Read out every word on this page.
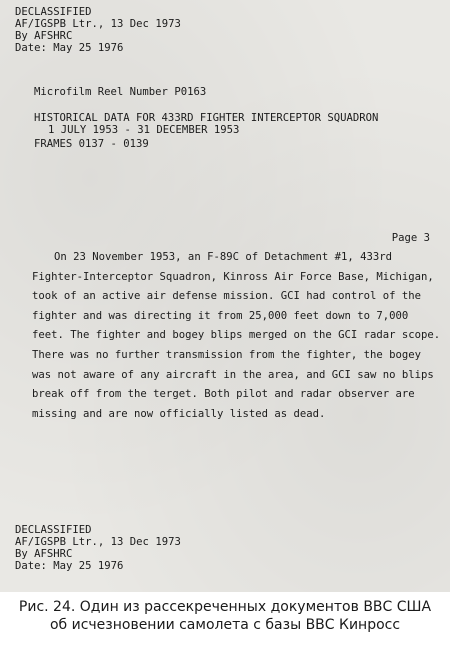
DECLASSIFIED
AF/IGSPB Ltr., 13 Dec 1973
By AFSHRC
Date: May 25 1976
Microfilm Reel Number P0163
HISTORICAL DATA FOR 433RD FIGHTER INTERCEPTOR SQUADRON
1 JULY 1953 - 31 DECEMBER 1953
FRAMES 0137 - 0139
Page 3

On 23 November 1953, an F-89C of Detachment #1, 433rd Fighter-Interceptor Squadron, Kinross Air Force Base, Michigan, took of an active air defense mission. GCI had control of the fighter and was directing it from 25,000 feet down to 7,000 feet. The fighter and bogey blips merged on the GCI radar scope. There was no further transmission from the fighter, the bogey was not aware of any aircraft in the area, and GCI saw no blips break off from the terget. Both pilot and radar observer are missing and are now officially listed as dead.

DECLASSIFIED
AF/IGSPB Ltr., 13 Dec 1973
By AFSHRC
Date: May 25 1976
Рис. 24. Один из рассекреченных документов ВВС США
об исчезновении самолета с базы ВВС Кинросс
